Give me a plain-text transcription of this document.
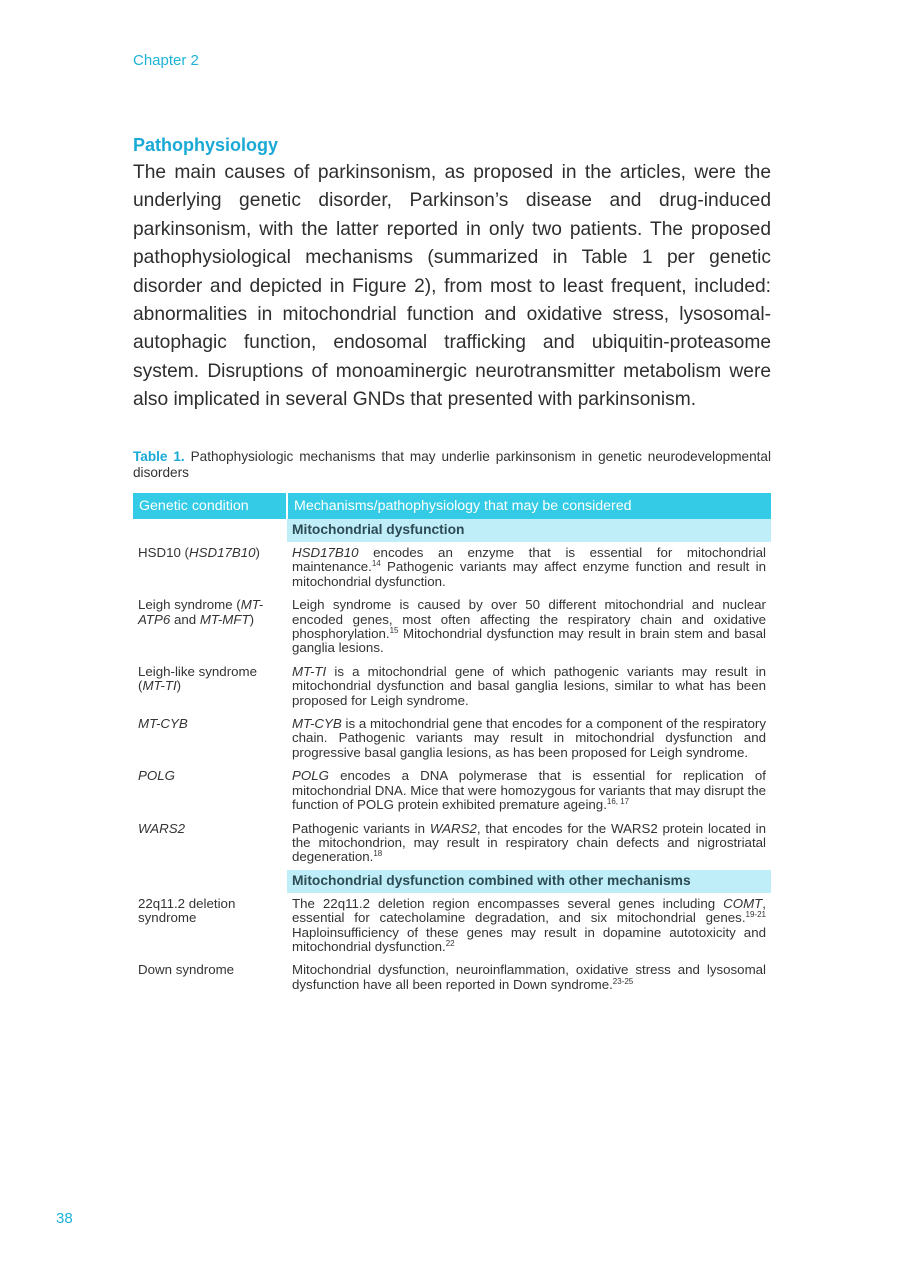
Chapter 2
Pathophysiology

The main causes of parkinsonism, as proposed in the articles, were the underlying genetic disorder, Parkinson’s disease and drug-induced parkinsonism, with the latter reported in only two patients. The proposed pathophysiological mechanisms (summarized in Table 1 per genetic disorder and depicted in Figure 2), from most to least frequent, included: abnormalities in mitochondrial function and oxidative stress, lysosomal-autophagic function, endosomal trafficking and ubiquitin-proteasome system. Disruptions of monoaminergic neurotransmitter metabolism were also implicated in several GNDs that presented with parkinsonism.

Table 1. Pathophysiologic mechanisms that may underlie parkinsonism in genetic neurodevelopmental disorders

Genetic condition	Mechanisms/pathophysiology that may be considered
	Mitochondrial dysfunction
HSD10 (HSD17B10)	HSD17B10 encodes an enzyme that is essential for mitochondrial maintenance.$^{14}$ Pathogenic variants may affect enzyme function and result in mitochondrial dysfunction.
Leigh syndrome (MT-ATP6 and MT-MFT)	Leigh syndrome is caused by over 50 different mitochondrial and nuclear encoded genes, most often affecting the respiratory chain and oxidative phosphorylation.$^{15}$ Mitochondrial dysfunction may result in brain stem and basal ganglia lesions.
Leigh-like syndrome (MT-TI)	MT-TI is a mitochondrial gene of which pathogenic variants may result in mitochondrial dysfunction and basal ganglia lesions, similar to what has been proposed for Leigh syndrome.
MT-CYB	MT-CYB is a mitochondrial gene that encodes for a component of the respiratory chain. Pathogenic variants may result in mitochondrial dysfunction and progressive basal ganglia lesions, as has been proposed for Leigh syndrome.
POLG	POLG encodes a DNA polymerase that is essential for replication of mitochondrial DNA. Mice that were homozygous for variants that may disrupt the function of POLG protein exhibited premature ageing.$^{16, 17}$
WARS2	Pathogenic variants in WARS2, that encodes for the WARS2 protein located in the mitochondrion, may result in respiratory chain defects and nigrostriatal degeneration.$^{18}$
	Mitochondrial dysfunction combined with other mechanisms
22q11.2 deletion syndrome	The 22q11.2 deletion region encompasses several genes including COMT, essential for catecholamine degradation, and six mitochondrial genes.$^{19-21}$ Haploinsufficiency of these genes may result in dopamine autotoxicity and mitochondrial dysfunction.$^{22}$
Down syndrome	Mitochondrial dysfunction, neuroinflammation, oxidative stress and lysosomal dysfunction have all been reported in Down syndrome.$^{23-25}$
38
